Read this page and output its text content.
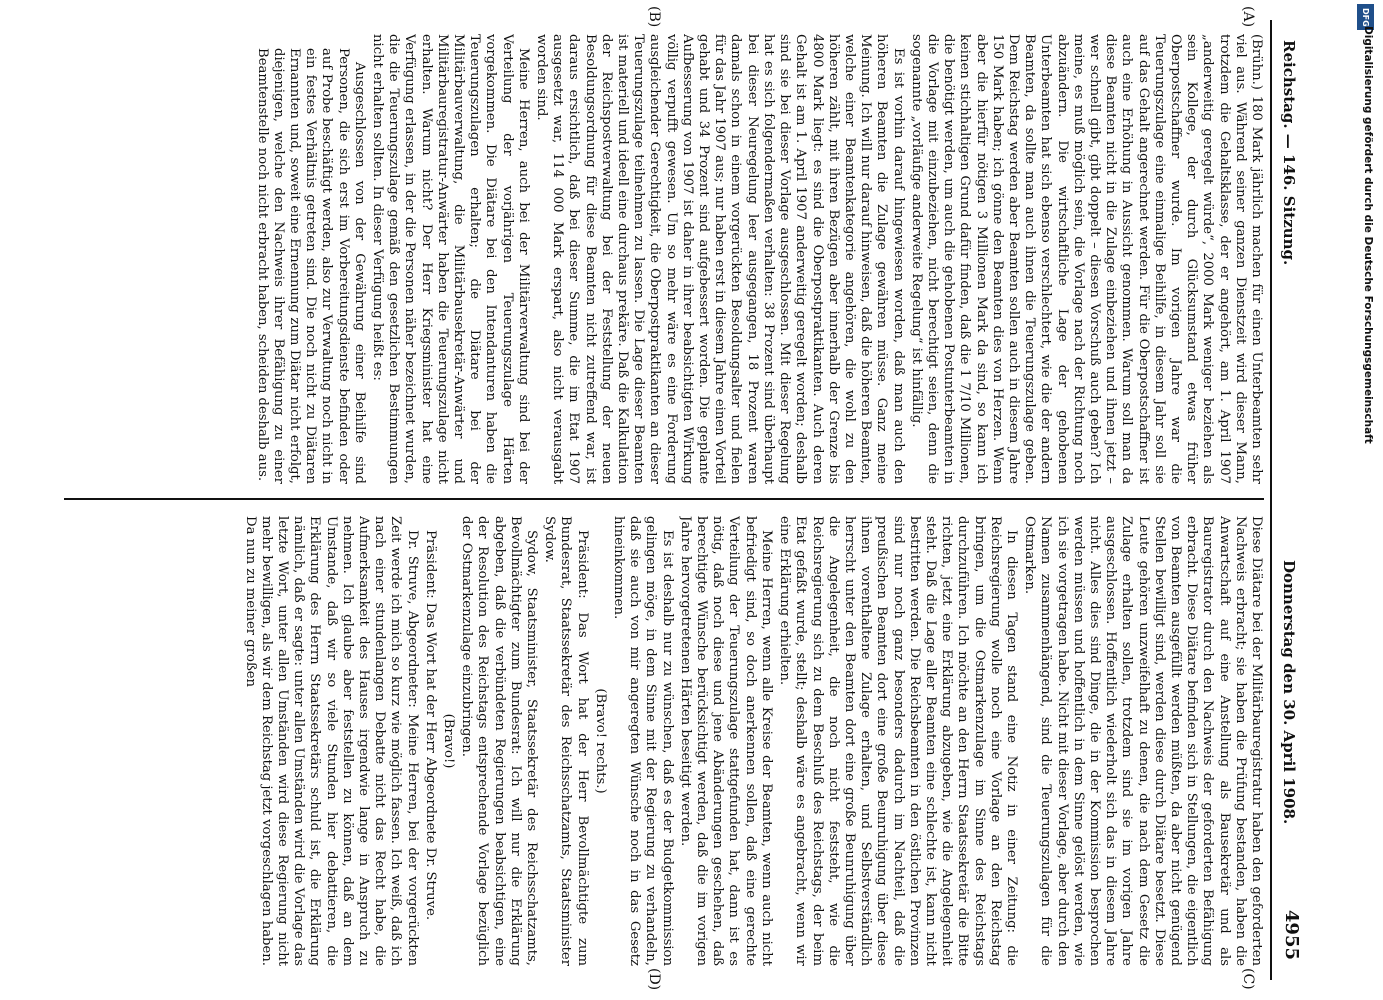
Reichstag. — 146. Sitzung.
Donnerstag den 30. April 1908.
4955
(A)
(B)
(C)
(D)

(Brühn.) 180 Mark jährlich machen für einen Unterbeamten sehr viel aus. Während seiner ganzen Dienstzeit wird dieser Mann, trotzdem die Gehaltsklasse, der er angehört, am 1. April 1907 „anderweitig geregelt würde“, 2000 Mark weniger beziehen als sein Kollege, der durch Glücksumstand etwas früher Oberpostschaffner wurde. Im vorigen Jahre war die Teuerungszulage eine einmalige Beihilfe, in diesem Jahr soll sie auf das Gehalt angerechnet werden. Für die Oberpostschaffner ist auch eine Erhöhung in Aussicht genommen. Warum soll man da diese Beamten nicht in die Zulage einbeziehen und ihnen jetzt – wer schnell gibt, gibt doppelt – diesen Vorschuß auch geben? Ich meine, es muß möglich sein, die Vorlage nach der Richtung noch abzuändern. Die wirtschaftliche Lage der gehobenen Unterbeamten hat sich ebenso verschlechtert, wie die der andern Beamten, da sollte man auch ihnen die Teuerungszulage geben. Dem Reichstag werden aber Beamten sollen auch in diesem Jahre 150 Mark haben; ich gönne den Beamten dies von Herzen. Wenn aber die hierfür nötigen 3 Millionen Mark da sind, so kann ich keinen stichhaltigen Grund dafür finden, daß die 1 7/10 Millionen, die benötigt werden, um auch die gehobenen Postunterbeamten in die Vorlage mit einzubeziehen, nicht berechtigt seien, denn die sogenannte „vorläufige anderweite Regelung“ ist hinfällig.

Es ist vorhin darauf hingewiesen worden, daß man auch den höheren Beamten die Zulage gewähren müsse. Ganz meine Meinung. Ich will nur darauf hinweisen, daß die höheren Beamten, welche einer Beamtenkategorie angehören, die wohl zu den höheren zählt, mit ihren Bezügen aber innerhalb der Grenze bis 4800 Mark liegt: es sind die Oberpostpraktikanten. Auch deren Gehalt ist am 1. April 1907 anderweitig geregelt worden; deshalb sind sie bei dieser Vorlage ausgeschlossen. Mit dieser Regelung hat es sich folgendermaßen verhalten: 38 Prozent sind überhaupt bei dieser Neuregelung leer ausgegangen, 18 Prozent waren damals schon in einem vorgerückten Besoldungsalter und fielen für das Jahr 1907 aus; nur haben erst in diesem Jahre einen Vorteil gehabt und 34 Prozent sind aufgebessert worden. Die geplante Aufbesserung von 1907 ist daher in ihrer beabsichtigten Wirkung völlig verpufft gewesen. Um so mehr wäre es eine Forderung ausgleichender Gerechtigkeit, die Oberpostpraktikanten an dieser Teuerungszulage teilnehmen zu lassen. Die Lage dieser Beamten ist materiell und ideell eine durchaus prekäre. Daß die Kalkulation der Reichspostverwaltung bei der Feststellung der neuen Besoldungsordnung für diese Beamten nicht zutreffend war, ist daraus ersichtlich, daß bei dieser Summe, die im Etat 1907 ausgesetzt war, 114 000 Mark erspart, also nicht verausgabt worden sind.

Meine Herren, auch bei der Militärverwaltung sind bei der Verteilung der vorjährigen Teuerungszulage Härten vorgekommen. Die Diätare bei den Intendanturen haben die Teuerungszulagen erhalten; die Diätare bei der Militärbauverwaltung, die Militärbausekretär-Anwärter und Militärbauregistratur-Anwärter haben die Teuerungszulage nicht erhalten. Warum nicht? Der Herr Kriegsminister hat eine Verfügung erlassen, in der die Personen näher bezeichnet wurden, die die Teuerungszulage gemäß den gesetzlichen Bestimmungen nicht erhalten sollten. In dieser Verfügung heißt es:

Ausgeschlossen von der Gewährung einer Beihilfe sind Personen, die sich erst im Vorbereitungsdienste befinden oder auf Probe beschäftigt werden, also zur Verwaltung noch nicht in ein festes Verhältnis getreten sind. Die noch nicht zu Diätaren Ernannten und, soweit eine Ernennung zum Diätar nicht erfolgt, diejenigen, welche den Nachweis ihrer Befähigung zu einer Beamtenstelle noch nicht erbracht haben, scheiden deshalb aus.

Diese Diätare bei der Militärbauregistratur haben den geforderten Nachweis erbracht; sie haben die Prüfung bestanden, haben die Anwartschaft auf eine Anstellung als Bausekretär und als Bauregistrator durch den Nachweis der geforderten Befähigung erbracht. Diese Diätare befinden sich in Stellungen, die eigentlich von Beamten ausgefüllt werden müßten, da aber nicht genügend Stellen bewilligt sind, werden diese durch Diätare besetzt. Diese Leute gehören unzweifelhaft zu denen, die nach dem Gesetz die Zulage erhalten sollen, trotzdem sind sie im vorigen Jahre ausgeschlossen. Hoffentlich wiederholt sich das in diesem Jahre nicht. Alles dies sind Dinge, die in der Kommission besprochen werden müssen und hoffentlich in dem Sinne gelöst werden, wie ich sie vorgetragen habe. Nicht mit dieser Vorlage, aber durch den Namen zusammenhängend, sind die Teuerungszulagen für die Ostmarken.

In diesen Tagen stand eine Notiz in einer Zeitung: die Reichsregierung wolle noch eine Vorlage an den Reichstag bringen, um die Ostmarkenzulage im Sinne des Reichstags durchzuführen. Ich möchte an den Herrn Staatssekretär die Bitte richten, jetzt eine Erklärung abzugeben, wie die Angelegenheit steht. Daß die Lage aller Beamten eine schlechte ist, kann nicht bestritten werden. Die Reichsbeamten in den östlichen Provinzen sind nur noch ganz besonders dadurch im Nachteil, daß die preußischen Beamten dort eine große Beunruhigung über diese ihnen vorenthaltene Zulage erhalten, und Selbstverständlich herrscht unter den Beamten dort eine große Beunruhigung über die Angelegenheit, die noch nicht feststeht, wie die Reichsregierung sich zu dem Beschluß des Reichstags, der beim Etat gefaßt wurde, stellt; deshalb wäre es angebracht, wenn wir eine Erklärung erhielten.

Meine Herren, wenn alle Kreise der Beamten, wenn auch nicht befriedigt sind, so doch anerkennen sollen, daß eine gerechte Verteilung der Teuerungszulage stattgefunden hat, dann ist es nötig, daß noch diese und jene Abänderungen geschehen, daß berechtigte Wünsche berücksichtigt werden, daß die im vorigen Jahre hervorgetretenen Härten beseitigt werden.

Es ist deshalb nur zu wünschen, daß es der Budgetkommission gelingen möge, in dem Sinne mit der Regierung zu verhandeln, daß sie auch von mir angeregten Wünsche noch in das Gesetz hineinkommen.

(Bravo! rechts.)

Präsident: Das Wort hat der Herr Bevollmächtigte zum Bundesrat, Staatssekretär des Reichsschatzamts, Staatsminister Sydow.

Sydow, Staatsminister, Staatssekretär des Reichsschatzamts, Bevollmächtigter zum Bundesrat: Ich will nur die Erklärung abgeben, daß die verbündeten Regierungen beabsichtigen, eine der Resolution des Reichstags entsprechende Vorlage bezüglich der Ostmarkenzulage einzubringen.

(Bravo!)

Präsident: Das Wort hat der Herr Abgeordnete Dr. Struve.

Dr. Struve, Abgeordneter: Meine Herren, bei der vorgerückten Zeit werde ich mich so kurz wie möglich fassen. Ich weiß, daß ich nach einer stundenlangen Debatte nicht das Recht habe, die Aufmerksamkeit des Hauses irgendwie lange in Anspruch zu nehmen. Ich glaube aber feststellen zu können, daß an dem Umstande, daß wir so viele Stunden hier debattieren, die Erklärung des Herrn Staatssekretärs schuld ist, die Erklärung nämlich, daß er sagte: unter allen Umständen wird die Vorlage das letzte Wort, unter allen Umständen wird diese Regierung nicht mehr bewilligen, als wir dem Reichstag jetzt vorgeschlagen haben. Da nun zu meiner großen

DFG
Digitalisierung gefördert durch die Deutsche Forschungsgemeinschaft
